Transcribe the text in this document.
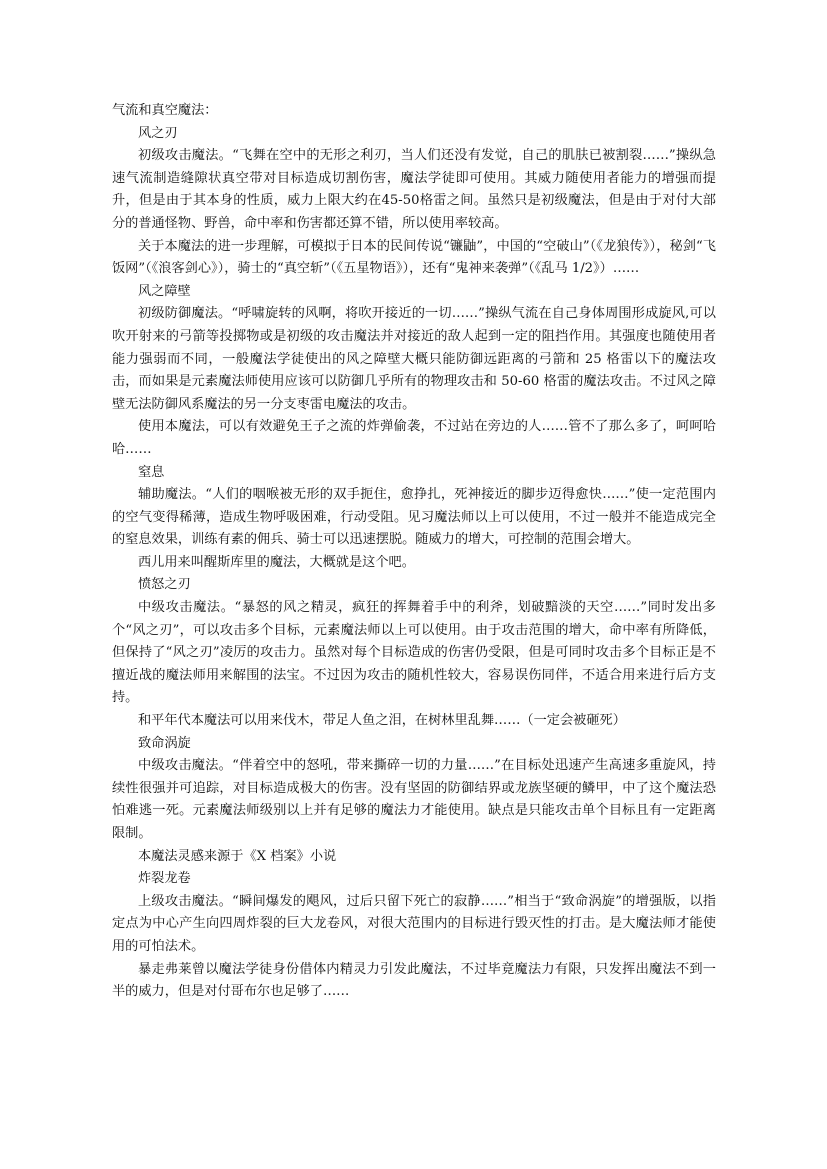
气流和真空魔法：

风之刃

初级攻击魔法。“飞舞在空中的无形之利刃，当人们还没有发觉，自己的肌肤已被割裂……”操纵急速气流制造缝隙状真空带对目标造成切割伤害，魔法学徒即可使用。其威力随使用者能力的增强而提升，但是由于其本身的性质，威力上限大约在45-50格雷之间。虽然只是初级魔法，但是由于对付大部分的普通怪物、野兽，命中率和伤害都还算不错，所以使用率较高。

关于本魔法的进一步理解，可模拟于日本的民间传说“镰鼬”，中国的“空破山”（《龙狼传》），秘剑“飞饭网”（《浪客剑心》），骑士的“真空斩”（《五星物语》），还有“鬼神来袭弹”（《乱马 1/2》）……

风之障壁

初级防御魔法。“呼啸旋转的风啊，将吹开接近的一切……”操纵气流在自己身体周围形成旋风,可以吹开射来的弓箭等投掷物或是初级的攻击魔法并对接近的敌人起到一定的阻挡作用。其强度也随使用者能力强弱而不同，一般魔法学徒使出的风之障壁大概只能防御远距离的弓箭和 25 格雷以下的魔法攻击，而如果是元素魔法师使用应该可以防御几乎所有的物理攻击和 50-60 格雷的魔法攻击。不过风之障壁无法防御风系魔法的另一分支枣雷电魔法的攻击。

使用本魔法，可以有效避免王子之流的炸弹偷袭，不过站在旁边的人……管不了那么多了，呵呵哈哈……

窒息

辅助魔法。“人们的咽喉被无形的双手扼住，愈挣扎，死神接近的脚步迈得愈快……”使一定范围内的空气变得稀薄，造成生物呼吸困难，行动受阻。见习魔法师以上可以使用，不过一般并不能造成完全的窒息效果，训练有素的佣兵、骑士可以迅速摆脱。随威力的增大，可控制的范围会增大。

西儿用来叫醒斯库里的魔法，大概就是这个吧。

愤怒之刃

中级攻击魔法。“暴怒的风之精灵，疯狂的挥舞着手中的利斧，划破黯淡的天空……”同时发出多个“风之刃”，可以攻击多个目标，元素魔法师以上可以使用。由于攻击范围的增大，命中率有所降低，但保持了“风之刃”凌厉的攻击力。虽然对每个目标造成的伤害仍受限，但是可同时攻击多个目标正是不擅近战的魔法师用来解围的法宝。不过因为攻击的随机性较大，容易误伤同伴，不适合用来进行后方支持。

和平年代本魔法可以用来伐木，带足人鱼之泪，在树林里乱舞……（一定会被砸死）

致命涡旋

中级攻击魔法。“伴着空中的怒吼，带来撕碎一切的力量……”在目标处迅速产生高速多重旋风，持续性很强并可追踪，对目标造成极大的伤害。没有坚固的防御结界或龙族坚硬的鳞甲，中了这个魔法恐怕难逃一死。元素魔法师级别以上并有足够的魔法力才能使用。缺点是只能攻击单个目标且有一定距离限制。

本魔法灵感来源于《X 档案》小说

炸裂龙卷

上级攻击魔法。“瞬间爆发的飓风，过后只留下死亡的寂静……”相当于“致命涡旋”的增强版，以指定点为中心产生向四周炸裂的巨大龙卷风，对很大范围内的目标进行毁灭性的打击。是大魔法师才能使用的可怕法术。

暴走弗莱曾以魔法学徒身份借体内精灵力引发此魔法，不过毕竟魔法力有限，只发挥出魔法不到一半的威力，但是对付哥布尔也足够了……
